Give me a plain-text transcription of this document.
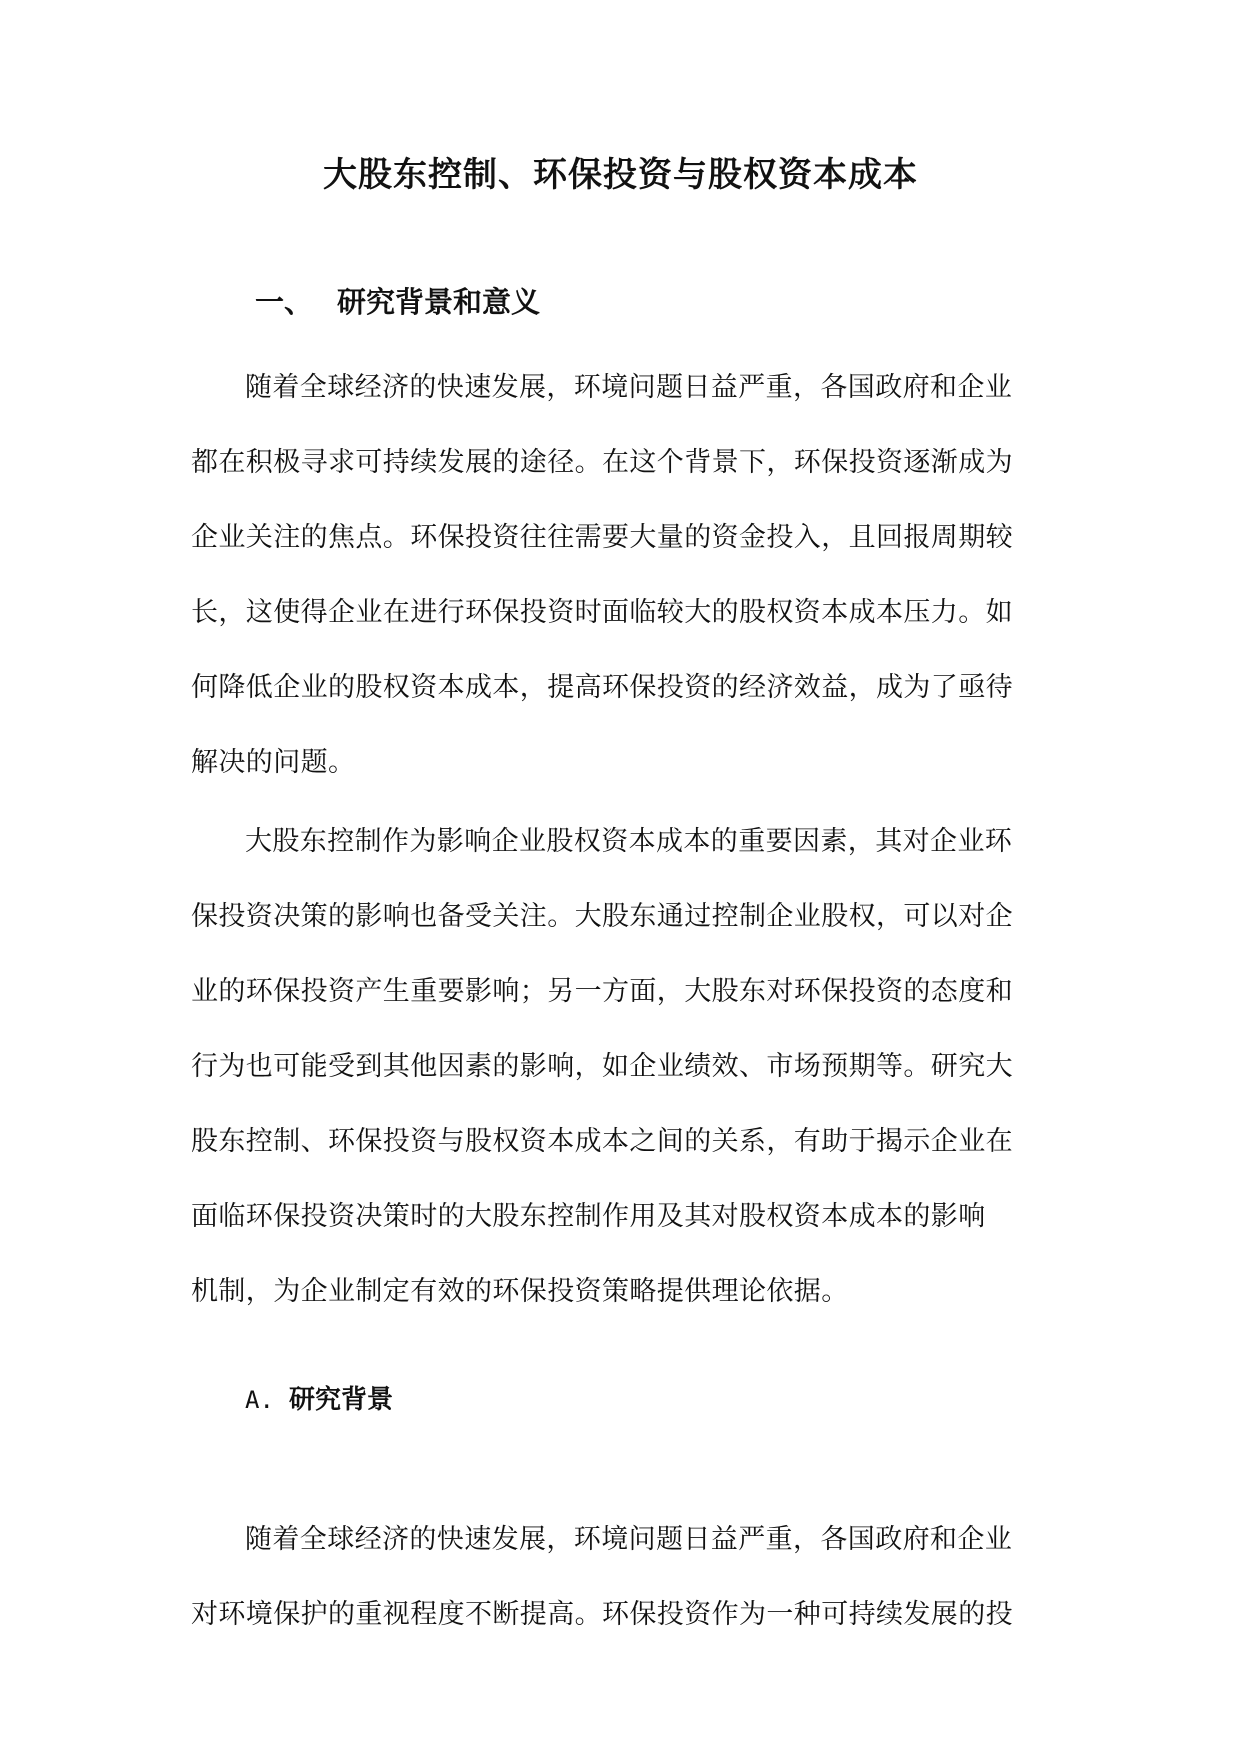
大股东控制、环保投资与股权资本成本
一、 研究背景和意义
随着全球经济的快速发展，环境问题日益严重，各国政府和企业
都在积极寻求可持续发展的途径。在这个背景下，环保投资逐渐成为
企业关注的焦点。环保投资往往需要大量的资金投入，且回报周期较
长，这使得企业在进行环保投资时面临较大的股权资本成本压力。如
何降低企业的股权资本成本，提高环保投资的经济效益，成为了亟待
解决的问题。
大股东控制作为影响企业股权资本成本的重要因素，其对企业环
保投资决策的影响也备受关注。大股东通过控制企业股权，可以对企
业的环保投资产生重要影响；另一方面，大股东对环保投资的态度和
行为也可能受到其他因素的影响，如企业绩效、市场预期等。研究大
股东控制、环保投资与股权资本成本之间的关系，有助于揭示企业在
面临环保投资决策时的大股东控制作用及其对股权资本成本的影响
机制，为企业制定有效的环保投资策略提供理论依据。
A. 研究背景
随着全球经济的快速发展，环境问题日益严重，各国政府和企业
对环境保护的重视程度不断提高。环保投资作为一种可持续发展的投
